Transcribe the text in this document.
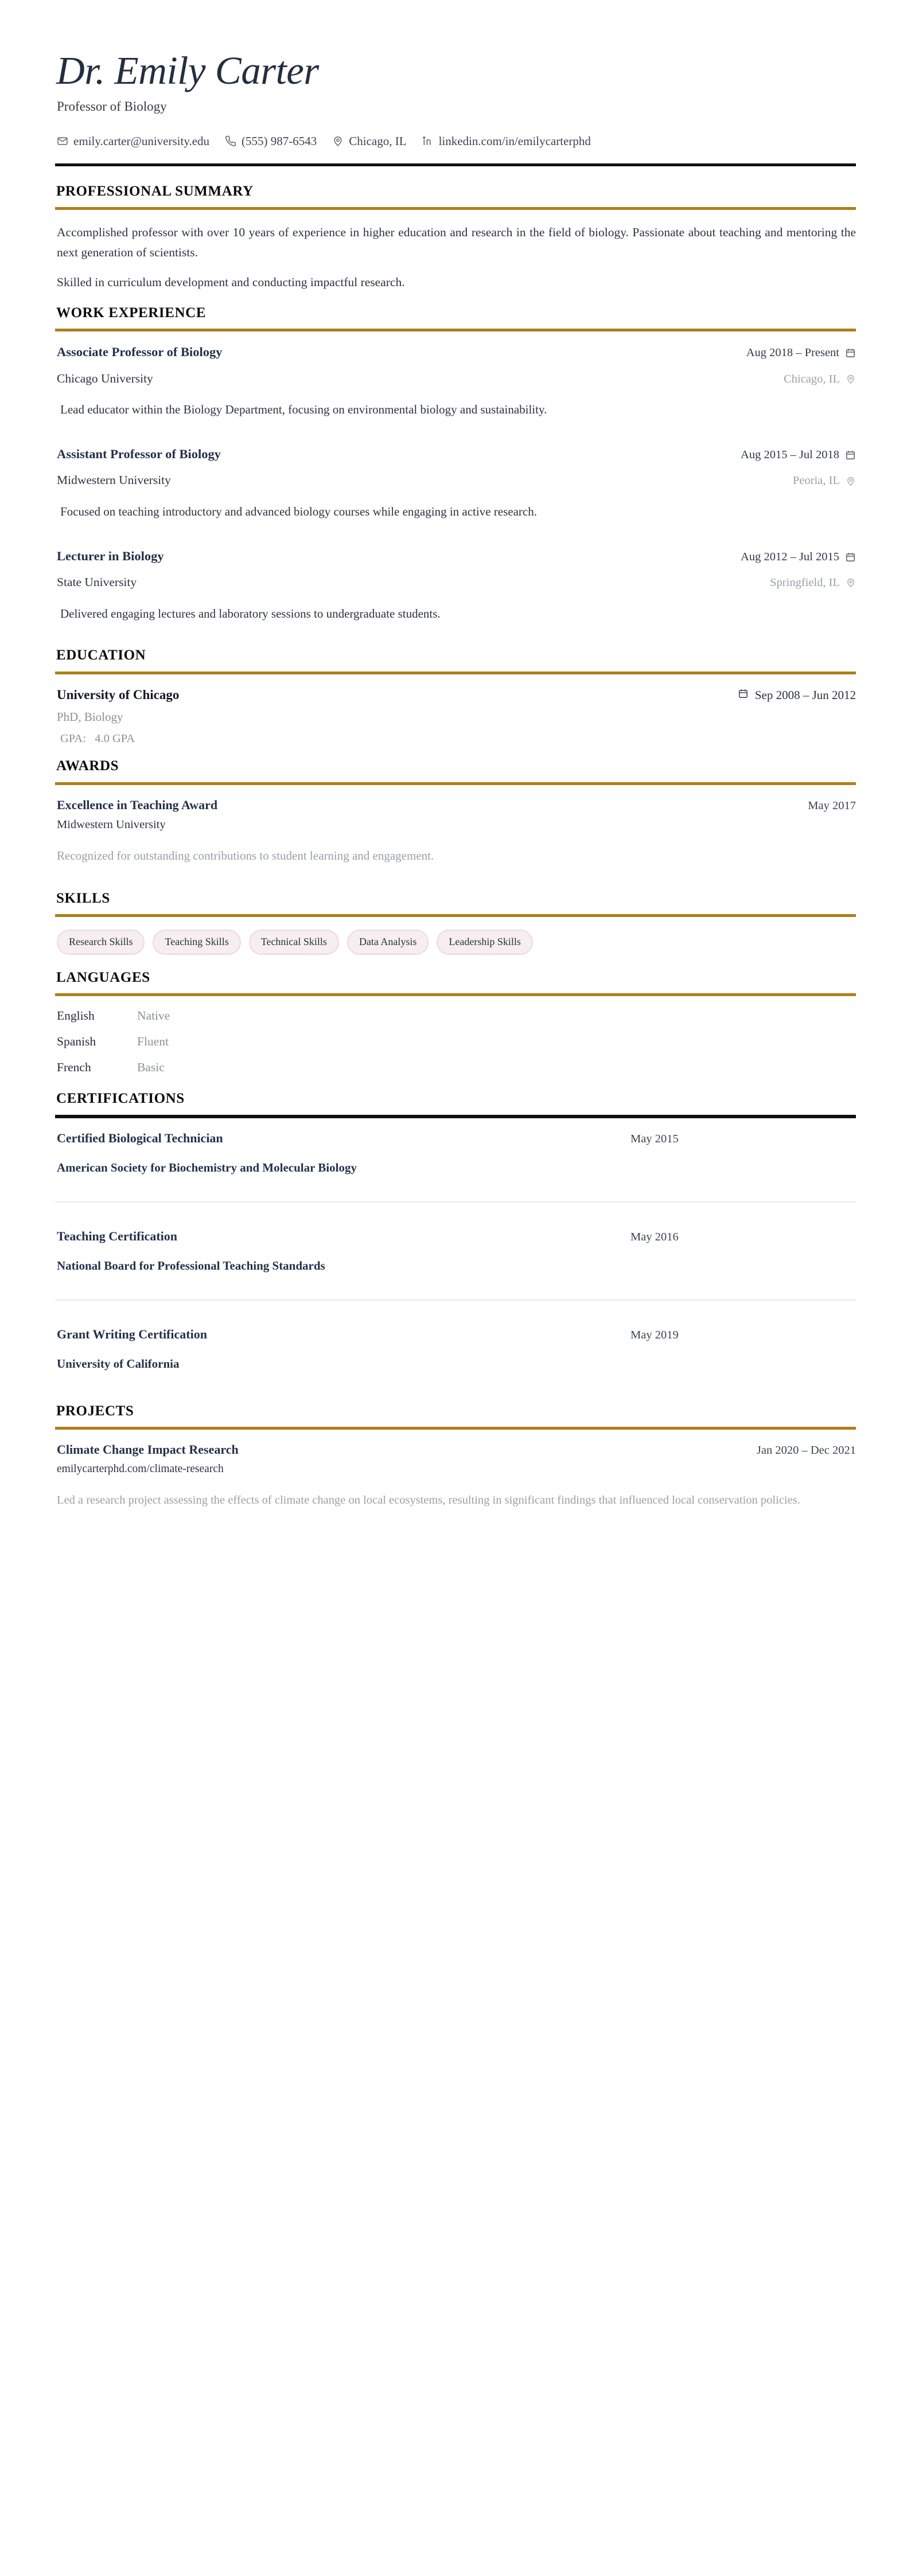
Dr. Emily Carter
Professor of Biology
emily.carter@university.edu	(555) 987-6543	Chicago, IL	linkedin.com/in/emilycarterphd
PROFESSIONAL SUMMARY

Accomplished professor with over 10 years of experience in higher education and research in the field of biology. Passionate about teaching and mentoring the next generation of scientists.

Skilled in curriculum development and conducting impactful research.

WORK EXPERIENCE
Associate Professor of Biology	Aug 2018 – Present
Chicago University	Chicago, IL
Lead educator within the Biology Department, focusing on environmental biology and sustainability.
Assistant Professor of Biology	Aug 2015 – Jul 2018
Midwestern University	Peoria, IL
Focused on teaching introductory and advanced biology courses while engaging in active research.
Lecturer in Biology	Aug 2012 – Jul 2015
State University	Springfield, IL
Delivered engaging lectures and laboratory sessions to undergraduate students.
EDUCATION
University of Chicago	Sep 2008 – Jun 2012
PhD, Biology
GPA: 4.0 GPA
AWARDS
Excellence in Teaching Award	May 2017
Midwestern University
Recognized for outstanding contributions to student learning and engagement.
SKILLS
Research Skills	Teaching Skills	Technical Skills	Data Analysis	Leadership Skills
LANGUAGES
English	Native
Spanish	Fluent
French	Basic
CERTIFICATIONS
Certified Biological Technician	May 2015
American Society for Biochemistry and Molecular Biology
Teaching Certification	May 2016
National Board for Professional Teaching Standards
Grant Writing Certification	May 2019
University of California
PROJECTS
Climate Change Impact Research	Jan 2020 – Dec 2021
emilycarterphd.com/climate-research
Led a research project assessing the effects of climate change on local ecosystems, resulting in significant findings that influenced local conservation policies.
